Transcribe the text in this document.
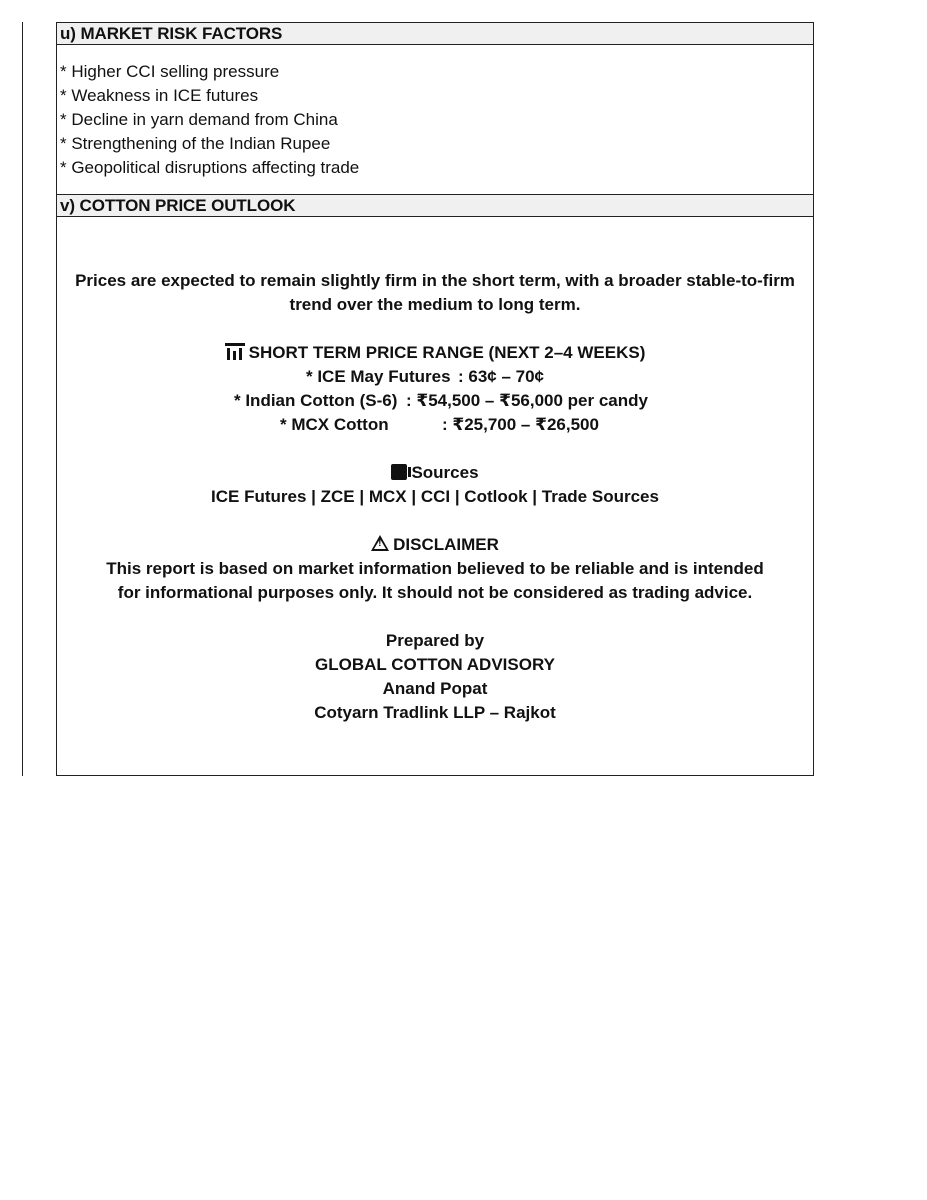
u) MARKET RISK FACTORS
* Higher CCI selling pressure
* Weakness in ICE futures
* Decline in yarn demand from China
* Strengthening of the Indian Rupee
* Geopolitical disruptions affecting trade
v) COTTON PRICE OUTLOOK
Prices are expected to remain slightly firm in the short term, with a broader stable-to-firm trend over the medium to long term.
SHORT TERM PRICE RANGE (NEXT 2–4 WEEKS)
* ICE May Futures : 63¢ – 70¢
* Indian Cotton (S-6) : ₹54,500 – ₹56,000 per candy
* MCX Cotton	: ₹25,700 – ₹26,500
Sources
ICE Futures | ZCE | MCX | CCI | Cotlook | Trade Sources
!DISCLAIMER
This report is based on market information believed to be reliable and is intended for informational purposes only. It should not be considered as trading advice.
Prepared by
GLOBAL COTTON ADVISORY
Anand Popat
Cotyarn Tradlink LLP – Rajkot
